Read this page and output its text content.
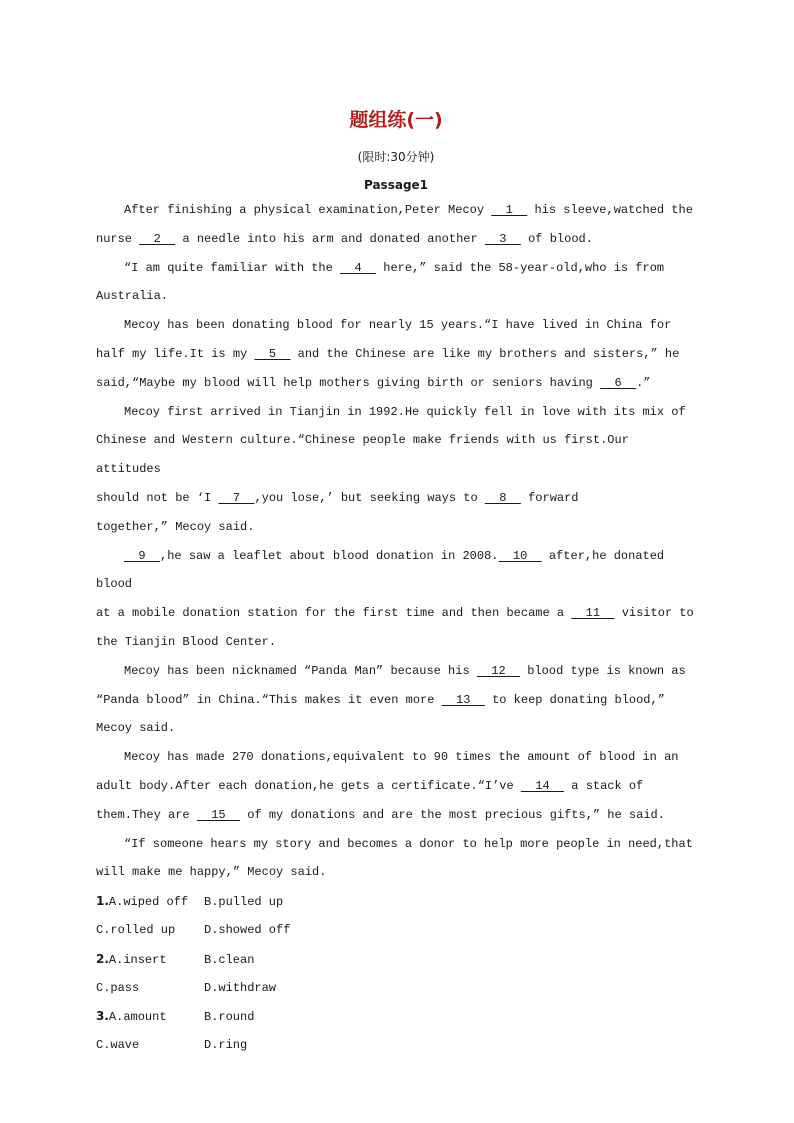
题组练(一)
(限时:30分钟)
Passage1

After finishing a physical examination,Peter Mecoy   1   his sleeve,watched the

nurse   2   a needle into his arm and donated another   3   of blood.

“I am quite familiar with the   4   here,” said the 58-year-old,who is from

Australia.

Mecoy has been donating blood for nearly 15 years.“I have lived in China for

half my life.It is my   5   and the Chinese are like my brothers and sisters,” he

said,“Maybe my blood will help mothers giving birth or seniors having   6  .”

Mecoy first arrived in Tianjin in 1992.He quickly fell in love with its mix of

Chinese and Western culture.“Chinese people make friends with us first.Our attitudes

should not be ‘I   7  ,you lose,’ but seeking ways to   8   forward

together,” Mecoy said.

9  ,he saw a leaflet about blood donation in 2008.  10   after,he donated blood

at a mobile donation station for the first time and then became a   11   visitor to

the Tianjin Blood Center.

Mecoy has been nicknamed “Panda Man” because his   12   blood type is known as

“Panda blood” in China.“This makes it even more   13   to keep donating blood,”

Mecoy said.

Mecoy has made 270 donations,equivalent to 90 times the amount of blood in an

adult body.After each donation,he gets a certificate.“I’ve   14   a stack of

them.They are   15   of my donations and are the most precious gifts,” he said.

“If someone hears my story and becomes a donor to help more people in need,that

will make me happy,” Mecoy said.

1.A.wiped off B.pulled up
C.rolled up D.showed off
2.A.insert	B.clean
C.pass	D.withdraw
3.A.amount	B.round
C.wave	D.ring
